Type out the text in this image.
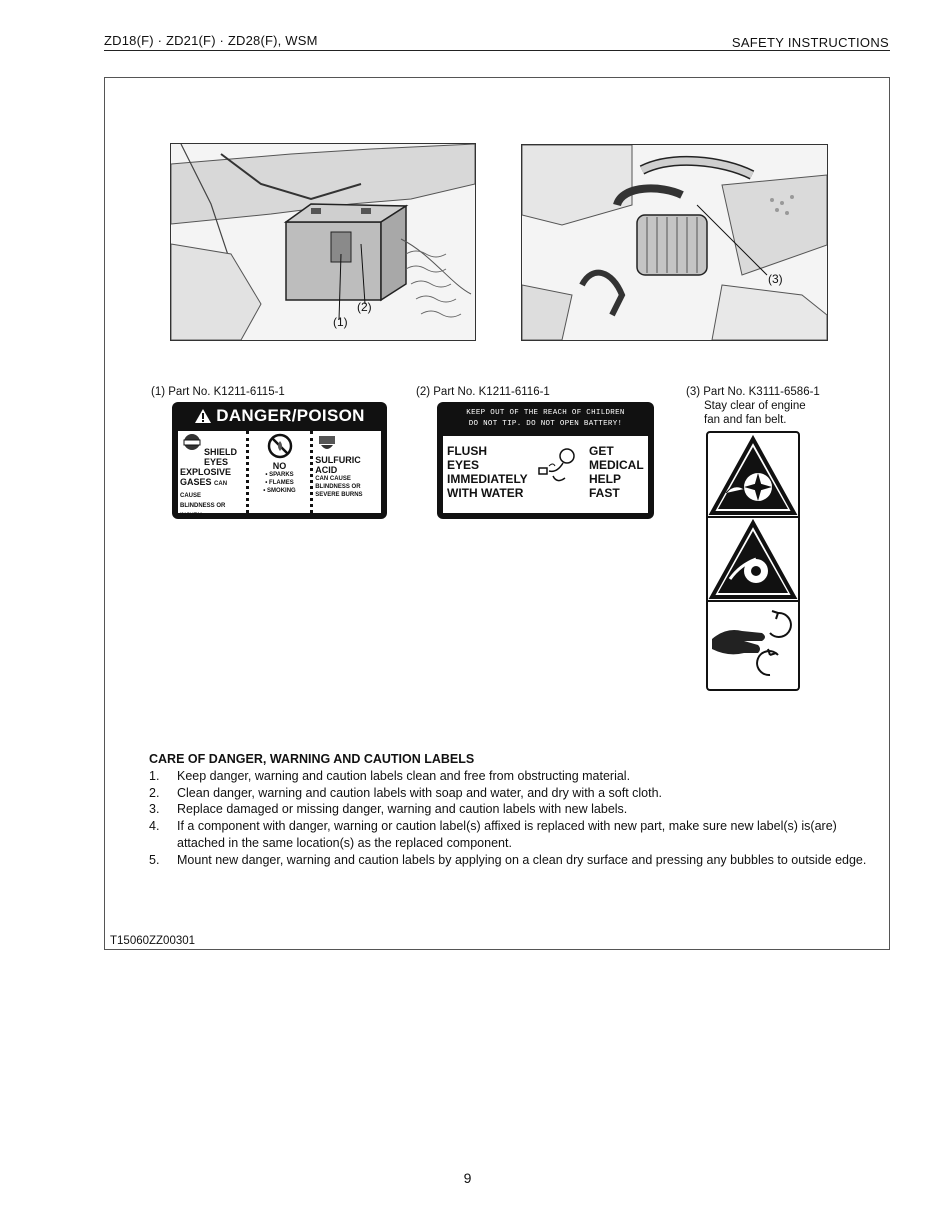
ZD18(F) · ZD21(F) · ZD28(F), WSM	SAFETY INSTRUCTIONS
(1)
(2)
(3)
(1) Part No. K1211-6115-1
DANGER/POISON
SHIELD
EYES
EXPLOSIVE
GASES CAN CAUSE
BLINDNESS OR INJURY
NO
• SPARKS
• FLAMES
• SMOKING
SULFURIC
ACID
CAN CAUSE
BLINDNESS OR
SEVERE BURNS
(2) Part No. K1211-6116-1
KEEP OUT OF THE REACH OF CHILDREN
DO NOT TIP. DO NOT OPEN BATTERY!
FLUSH
EYES
IMMEDIATELY
WITH WATER
GET
MEDICAL
HELP
FAST
(3) Part No. K3111-6586-1
Stay clear of engine
fan and fan belt.
CARE OF DANGER, WARNING AND CAUTION LABELS
1. Keep danger, warning and caution labels clean and free from obstructing material.
2. Clean danger, warning and caution labels with soap and water, and dry with a soft cloth.
3. Replace damaged or missing danger, warning and caution labels with new labels.
4. If a component with danger, warning or caution label(s) affixed is replaced with new part, make sure new label(s) is(are) attached in the same location(s) as the replaced component.
5. Mount new danger, warning and caution labels by applying on a clean dry surface and pressing any bubbles to outside edge.
T15060ZZ00301
9
